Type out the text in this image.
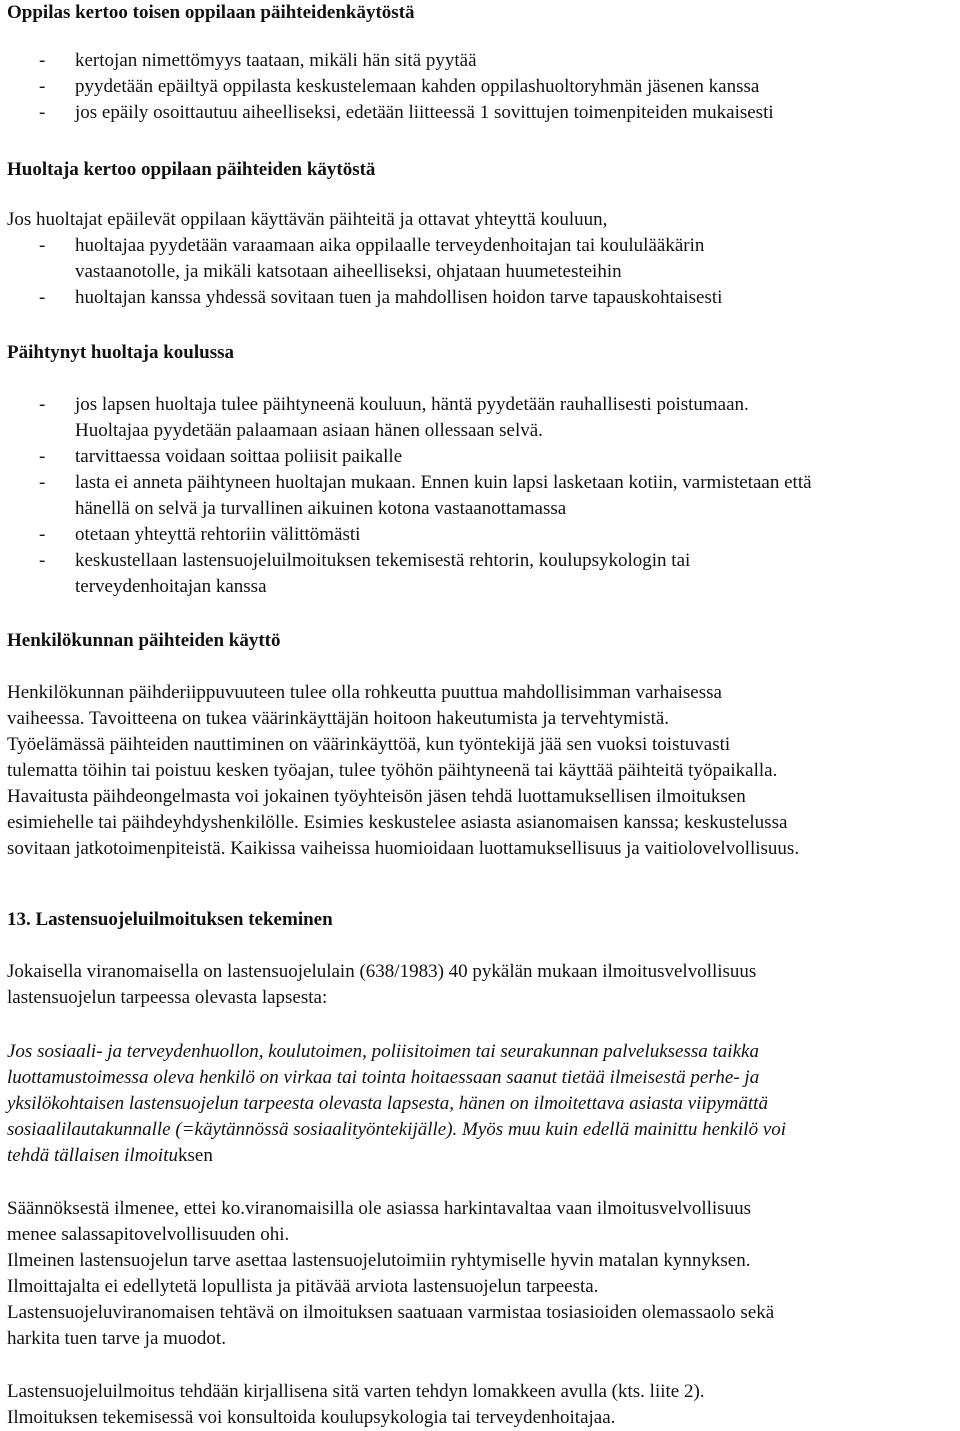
Oppilas kertoo toisen oppilaan päihteidenkäytöstä
- kertojan nimettömyys taataan, mikäli hän sitä pyytää
- pyydetään epäiltyä oppilasta keskustelemaan kahden oppilashuoltoryhmän jäsenen kanssa
- jos epäily osoittautuu aiheelliseksi, edetään liitteessä 1 sovittujen toimenpiteiden mukaisesti
Huoltaja kertoo oppilaan päihteiden käytöstä
Jos huoltajat epäilevät oppilaan käyttävän päihteitä ja ottavat yhteyttä kouluun,
- huoltajaa pyydetään varaamaan aika oppilaalle terveydenhoitajan tai koululääkärin
vastaanotolle, ja mikäli katsotaan aiheelliseksi, ohjataan huumetesteihin
- huoltajan kanssa yhdessä sovitaan tuen ja mahdollisen hoidon tarve tapauskohtaisesti
Päihtynyt huoltaja koulussa
- jos lapsen huoltaja tulee päihtyneenä kouluun, häntä pyydetään rauhallisesti poistumaan.
Huoltajaa pyydetään palaamaan asiaan hänen ollessaan selvä.
- tarvittaessa voidaan soittaa poliisit paikalle
- lasta ei anneta päihtyneen huoltajan mukaan. Ennen kuin lapsi lasketaan kotiin, varmistetaan että
hänellä on selvä ja turvallinen aikuinen kotona vastaanottamassa
- otetaan yhteyttä rehtoriin välittömästi
- keskustellaan lastensuojeluilmoituksen tekemisestä rehtorin, koulupsykologin tai
terveydenhoitajan kanssa
Henkilökunnan päihteiden käyttö
Henkilökunnan päihderiippuvuuteen tulee olla rohkeutta puuttua mahdollisimman varhaisessa
vaiheessa. Tavoitteena on tukea väärinkäyttäjän hoitoon hakeutumista ja tervehtymistä.
Työelämässä päihteiden nauttiminen on väärinkäyttöä, kun työntekijä jää sen vuoksi toistuvasti
tulematta töihin tai poistuu kesken työajan, tulee työhön päihtyneenä tai käyttää päihteitä työpaikalla.
Havaitusta päihdeongelmasta voi jokainen työyhteisön jäsen tehdä luottamuksellisen ilmoituksen
esimiehelle tai päihdeyhdyshenkilölle. Esimies keskustelee asiasta asianomaisen kanssa; keskustelussa
sovitaan jatkotoimenpiteistä. Kaikissa vaiheissa huomioidaan luottamuksellisuus ja vaitiolovelvollisuus.
13. Lastensuojeluilmoituksen tekeminen
Jokaisella viranomaisella on lastensuojelulain (638/1983) 40 pykälän mukaan ilmoitusvelvollisuus
lastensuojelun tarpeessa olevasta lapsesta:
Jos sosiaali- ja terveydenhuollon, koulutoimen, poliisitoimen tai seurakunnan palveluksessa taikka
luottamustoimessa oleva henkilö on virkaa tai tointa hoitaessaan saanut tietää ilmeisestä perhe- ja
yksilökohtaisen lastensuojelun tarpeesta olevasta lapsesta, hänen on ilmoitettava asiasta viipymättä
sosiaalilautakunnalle (=käytännössä sosiaalityöntekijälle). Myös muu kuin edellä mainittu henkilö voi
tehdä tällaisen ilmoituksen
Säännöksestä ilmenee, ettei ko.viranomaisilla ole asiassa harkintavaltaa vaan ilmoitusvelvollisuus
menee salassapitovelvollisuuden ohi.
Ilmeinen lastensuojelun tarve asettaa lastensuojelutoimiin ryhtymiselle hyvin matalan kynnyksen.
Ilmoittajalta ei edellytetä lopullista ja pitävää arviota lastensuojelun tarpeesta.
Lastensuojeluviranomaisen tehtävä on ilmoituksen saatuaan varmistaa tosiasioiden olemassaolo sekä
harkita tuen tarve ja muodot.
Lastensuojeluilmoitus tehdään kirjallisena sitä varten tehdyn lomakkeen avulla (kts. liite 2).
Ilmoituksen tekemisessä voi konsultoida koulupsykologia tai terveydenhoitajaa.
